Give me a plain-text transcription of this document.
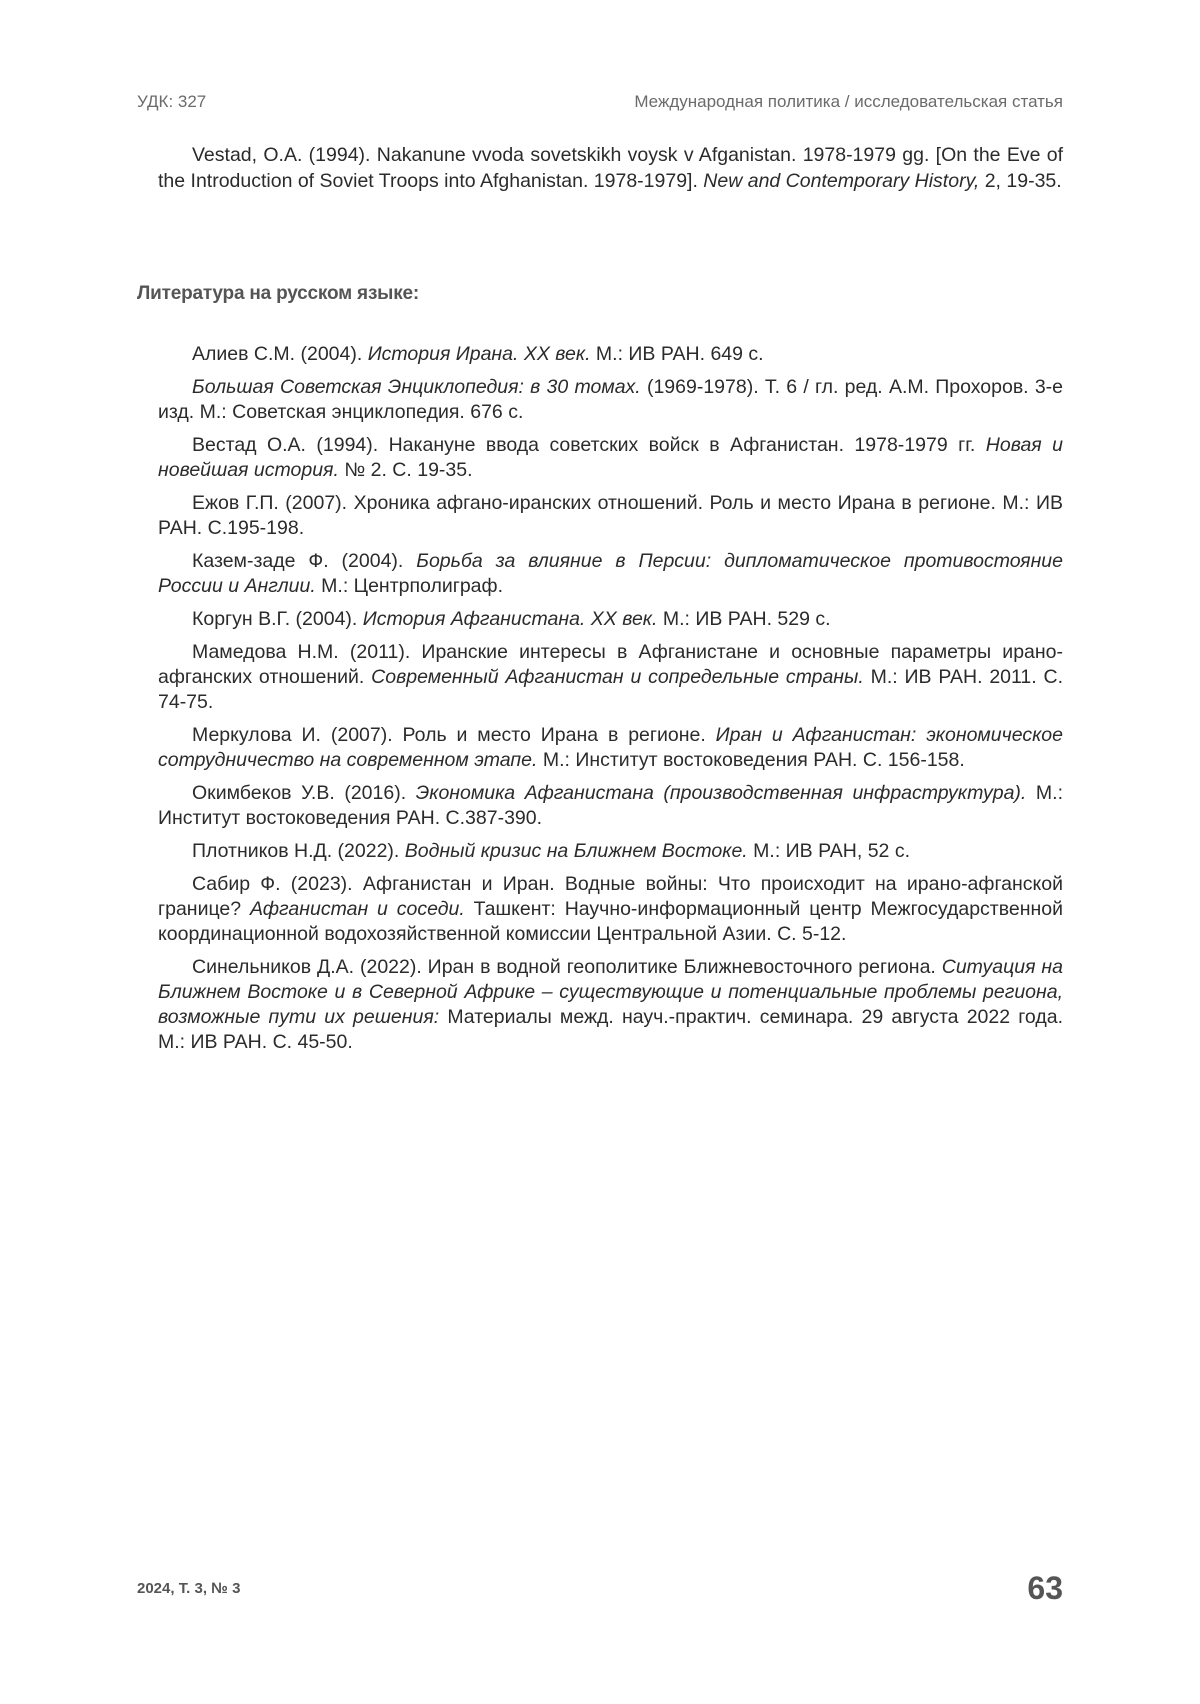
УДК: 327	Международная политика / исследовательская статья
Vestad, O.A. (1994). Nakanune vvoda sovetskikh voysk v Afganistan. 1978-1979 gg. [On the Eve of the Introduction of Soviet Troops into Afghanistan. 1978-1979]. New and Contemporary History, 2, 19-35.
Литература на русском языке:

Алиев С.М. (2004). История Ирана. XX век. М.: ИВ РАН. 649 с.

Большая Советская Энциклопедия: в 30 томах. (1969-1978). Т. 6 / гл. ред. А.М. Прохоров. 3-е изд. М.: Советская энциклопедия. 676 с.

Вестад О.А. (1994). Накануне ввода советских войск в Афганистан. 1978-1979 гг. Новая и новейшая история. № 2. С. 19-35.

Ежов Г.П. (2007). Хроника афгано-иранских отношений. Роль и место Ирана в регионе. М.: ИВ РАН. С.195-198.

Казем-заде Ф. (2004). Борьба за влияние в Персии: дипломатическое противостояние России и Англии. М.: Центрполиграф.

Коргун В.Г. (2004). История Афганистана. XX век. М.: ИВ РАН. 529 с.

Мамедова Н.М. (2011). Иранские интересы в Афганистане и основные параметры ирано-афганских отношений. Современный Афганистан и сопредельные страны. М.: ИВ РАН. 2011. С. 74-75.

Меркулова И. (2007). Роль и место Ирана в регионе. Иран и Афганистан: экономическое сотрудничество на современном этапе. М.: Институт востоковедения РАН. С. 156-158.

Окимбеков У.В. (2016). Экономика Афганистана (производственная инфраструктура). М.: Институт востоковедения РАН. С.387-390.

Плотников Н.Д. (2022). Водный кризис на Ближнем Востоке. М.: ИВ РАН, 52 с.

Сабир Ф. (2023). Афганистан и Иран. Водные войны: Что происходит на ирано-афганской границе? Афганистан и соседи. Ташкент: Научно-информационный центр Межгосударственной координационной водохозяйственной комиссии Центральной Азии. С. 5-12.

Синельников Д.А. (2022). Иран в водной геополитике Ближневосточного региона. Ситуация на Ближнем Востоке и в Северной Африке – существующие и потенциальные проблемы региона, возможные пути их решения: Материалы межд. науч.-практич. семинара. 29 августа 2022 года. М.: ИВ РАН. С. 45-50.

2024, Т. 3, № 3	63
